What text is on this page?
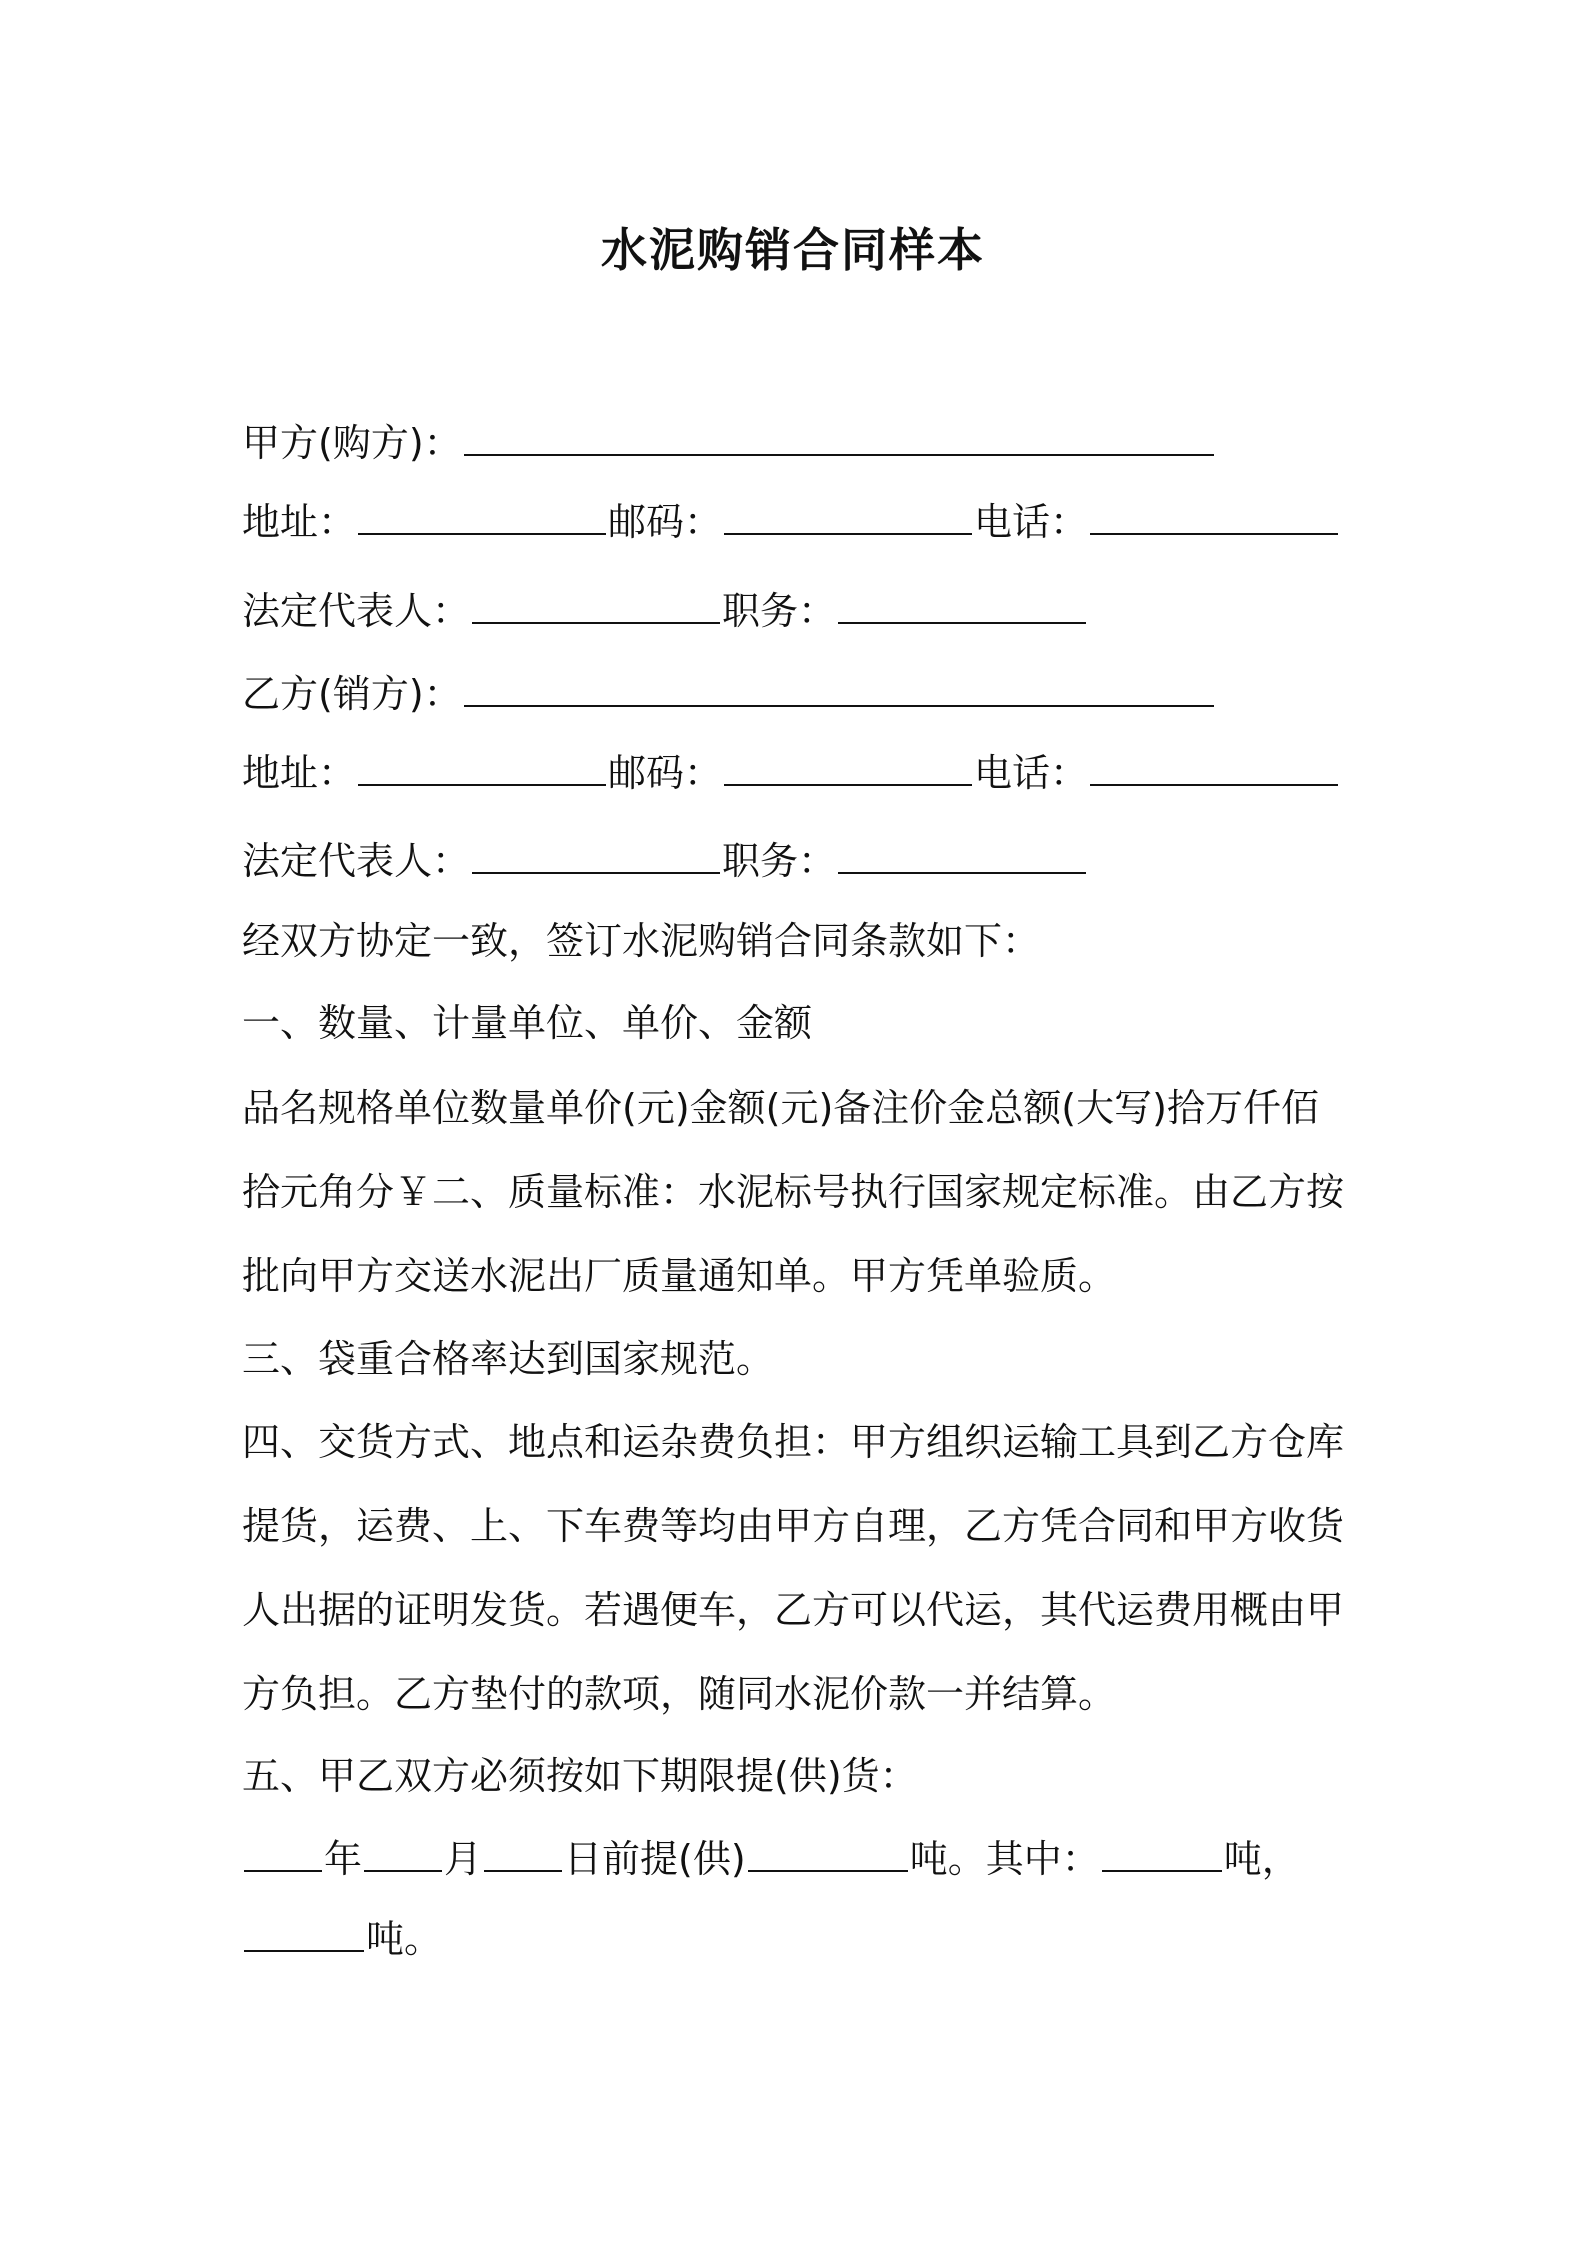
水泥购销合同样本
甲方(购方)：
地址：	邮码：	电话：
法定代表人：	职务：
乙方(销方)：
地址：	邮码：	电话：
法定代表人：	职务：
经双方协定一致，签订水泥购销合同条款如下：
一、数量、计量单位、单价、金额
品名规格单位数量单价(元)金额(元)备注价金总额(大写)拾万仟佰拾元角分￥二、质量标准：水泥标号执行国家规定标准。由乙方按批向甲方交送水泥出厂质量通知单。甲方凭单验质。
三、袋重合格率达到国家规范。
四、交货方式、地点和运杂费负担：甲方组织运输工具到乙方仓库提货，运费、上、下车费等均由甲方自理，乙方凭合同和甲方收货人出据的证明发货。若遇便车，乙方可以代运，其代运费用概由甲方负担。乙方垫付的款项，随同水泥价款一并结算。
五、甲乙双方必须按如下期限提(供)货：
年 月 日前提(供)	吨。其中：	吨，
吨。
